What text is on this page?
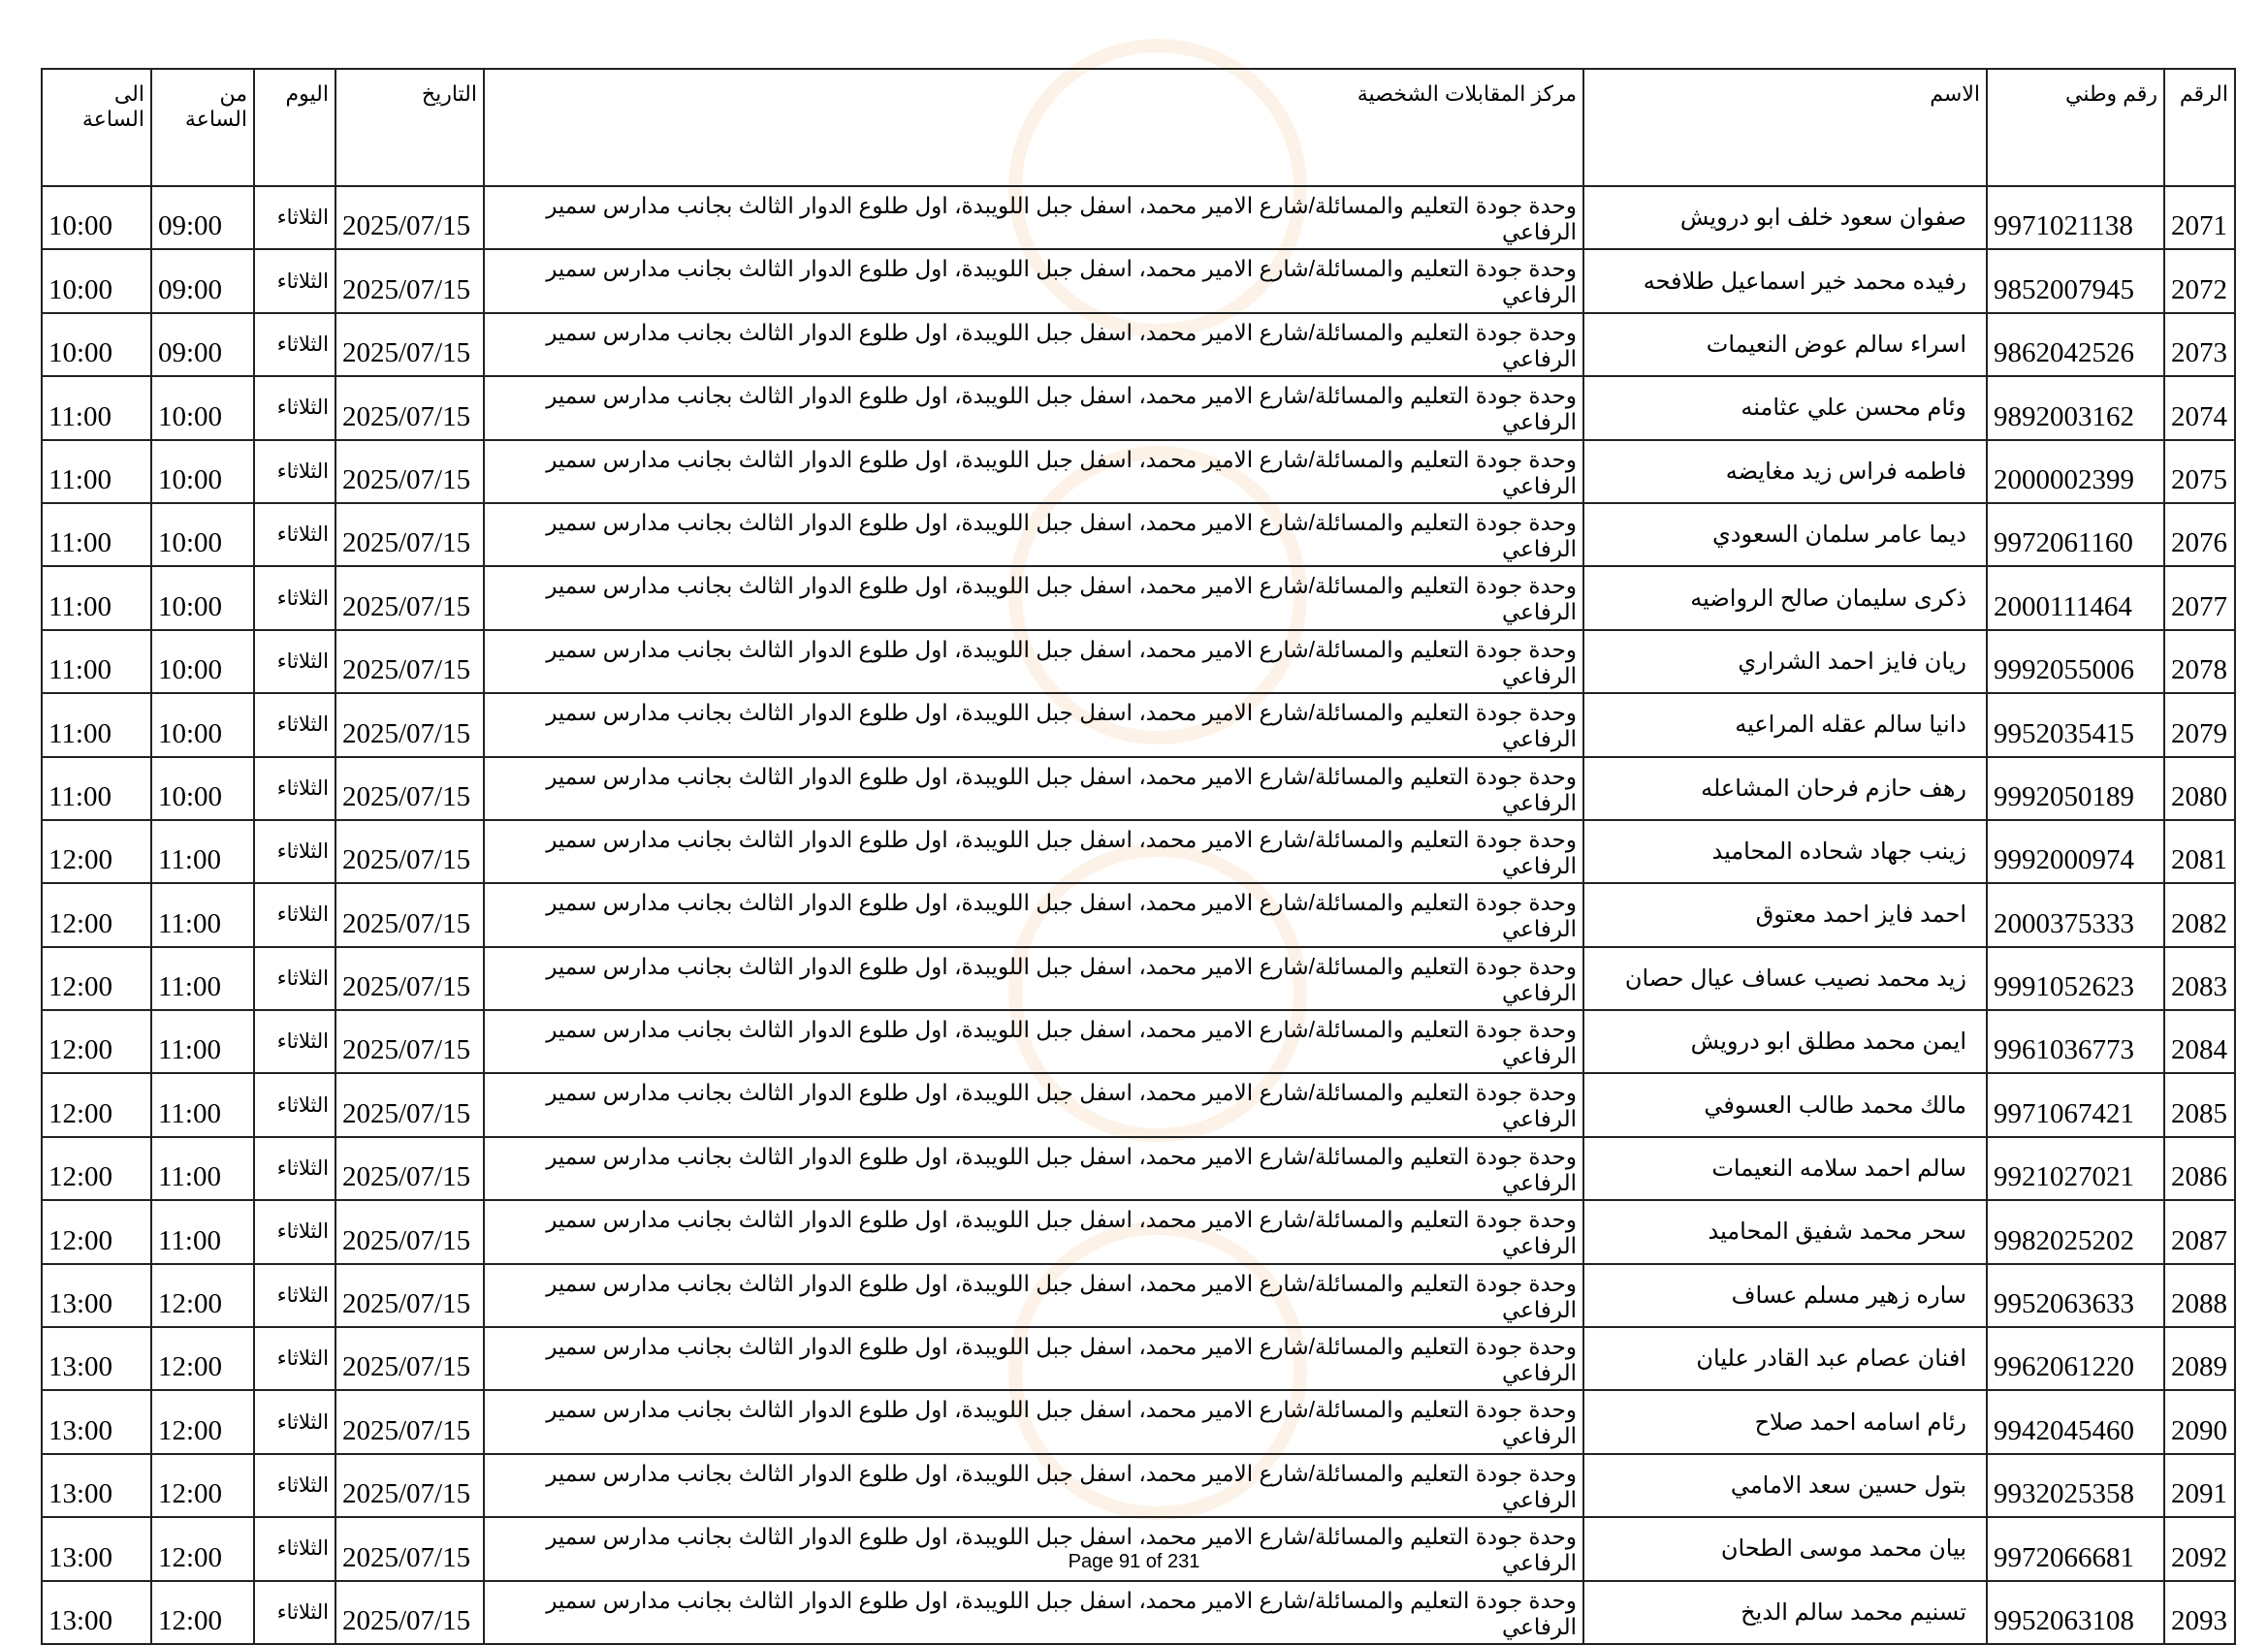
الرقم	رقم وطني	الاسم	مركز المقابلات الشخصية	التاريخ	اليوم	من الساعة	الى الساعة
2071	9971021138	صفوان سعود خلف ابو درويش	وحدة جودة التعليم والمسائلة/شارع الامير محمد، اسفل جبل اللويبدة، اول طلوع الدوار الثالث بجانب مدارس سمير الرفاعي	2025/07/15	الثلاثاء	09:00	10:00
2072	9852007945	رفيده محمد خير اسماعيل طلافحه	وحدة جودة التعليم والمسائلة/شارع الامير محمد، اسفل جبل اللويبدة، اول طلوع الدوار الثالث بجانب مدارس سمير الرفاعي	2025/07/15	الثلاثاء	09:00	10:00
2073	9862042526	اسراء سالم عوض النعيمات	وحدة جودة التعليم والمسائلة/شارع الامير محمد، اسفل جبل اللويبدة، اول طلوع الدوار الثالث بجانب مدارس سمير الرفاعي	2025/07/15	الثلاثاء	09:00	10:00
2074	9892003162	وئام محسن علي عثامنه	وحدة جودة التعليم والمسائلة/شارع الامير محمد، اسفل جبل اللويبدة، اول طلوع الدوار الثالث بجانب مدارس سمير الرفاعي	2025/07/15	الثلاثاء	10:00	11:00
2075	2000002399	فاطمه فراس زيد مغايضه	وحدة جودة التعليم والمسائلة/شارع الامير محمد، اسفل جبل اللويبدة، اول طلوع الدوار الثالث بجانب مدارس سمير الرفاعي	2025/07/15	الثلاثاء	10:00	11:00
2076	9972061160	ديما عامر سلمان السعودي	وحدة جودة التعليم والمسائلة/شارع الامير محمد، اسفل جبل اللويبدة، اول طلوع الدوار الثالث بجانب مدارس سمير الرفاعي	2025/07/15	الثلاثاء	10:00	11:00
2077	2000111464	ذكرى سليمان صالح الرواضيه	وحدة جودة التعليم والمسائلة/شارع الامير محمد، اسفل جبل اللويبدة، اول طلوع الدوار الثالث بجانب مدارس سمير الرفاعي	2025/07/15	الثلاثاء	10:00	11:00
2078	9992055006	ريان فايز احمد الشراري	وحدة جودة التعليم والمسائلة/شارع الامير محمد، اسفل جبل اللويبدة، اول طلوع الدوار الثالث بجانب مدارس سمير الرفاعي	2025/07/15	الثلاثاء	10:00	11:00
2079	9952035415	دانيا سالم عقله المراعيه	وحدة جودة التعليم والمسائلة/شارع الامير محمد، اسفل جبل اللويبدة، اول طلوع الدوار الثالث بجانب مدارس سمير الرفاعي	2025/07/15	الثلاثاء	10:00	11:00
2080	9992050189	رهف حازم فرحان المشاعله	وحدة جودة التعليم والمسائلة/شارع الامير محمد، اسفل جبل اللويبدة، اول طلوع الدوار الثالث بجانب مدارس سمير الرفاعي	2025/07/15	الثلاثاء	10:00	11:00
2081	9992000974	زينب جهاد شحاده المحاميد	وحدة جودة التعليم والمسائلة/شارع الامير محمد، اسفل جبل اللويبدة، اول طلوع الدوار الثالث بجانب مدارس سمير الرفاعي	2025/07/15	الثلاثاء	11:00	12:00
2082	2000375333	احمد فايز احمد معتوق	وحدة جودة التعليم والمسائلة/شارع الامير محمد، اسفل جبل اللويبدة، اول طلوع الدوار الثالث بجانب مدارس سمير الرفاعي	2025/07/15	الثلاثاء	11:00	12:00
2083	9991052623	زيد محمد نصيب عساف عيال حصان	وحدة جودة التعليم والمسائلة/شارع الامير محمد، اسفل جبل اللويبدة، اول طلوع الدوار الثالث بجانب مدارس سمير الرفاعي	2025/07/15	الثلاثاء	11:00	12:00
2084	9961036773	ايمن محمد مطلق ابو درويش	وحدة جودة التعليم والمسائلة/شارع الامير محمد، اسفل جبل اللويبدة، اول طلوع الدوار الثالث بجانب مدارس سمير الرفاعي	2025/07/15	الثلاثاء	11:00	12:00
2085	9971067421	مالك محمد طالب العسوفي	وحدة جودة التعليم والمسائلة/شارع الامير محمد، اسفل جبل اللويبدة، اول طلوع الدوار الثالث بجانب مدارس سمير الرفاعي	2025/07/15	الثلاثاء	11:00	12:00
2086	9921027021	سالم احمد سلامه النعيمات	وحدة جودة التعليم والمسائلة/شارع الامير محمد، اسفل جبل اللويبدة، اول طلوع الدوار الثالث بجانب مدارس سمير الرفاعي	2025/07/15	الثلاثاء	11:00	12:00
2087	9982025202	سحر محمد شفيق المحاميد	وحدة جودة التعليم والمسائلة/شارع الامير محمد، اسفل جبل اللويبدة، اول طلوع الدوار الثالث بجانب مدارس سمير الرفاعي	2025/07/15	الثلاثاء	11:00	12:00
2088	9952063633	ساره زهير مسلم عساف	وحدة جودة التعليم والمسائلة/شارع الامير محمد، اسفل جبل اللويبدة، اول طلوع الدوار الثالث بجانب مدارس سمير الرفاعي	2025/07/15	الثلاثاء	12:00	13:00
2089	9962061220	افنان عصام عبد القادر عليان	وحدة جودة التعليم والمسائلة/شارع الامير محمد، اسفل جبل اللويبدة، اول طلوع الدوار الثالث بجانب مدارس سمير الرفاعي	2025/07/15	الثلاثاء	12:00	13:00
2090	9942045460	رئام اسامه احمد صلاح	وحدة جودة التعليم والمسائلة/شارع الامير محمد، اسفل جبل اللويبدة، اول طلوع الدوار الثالث بجانب مدارس سمير الرفاعي	2025/07/15	الثلاثاء	12:00	13:00
2091	9932025358	بتول حسين سعد الامامي	وحدة جودة التعليم والمسائلة/شارع الامير محمد، اسفل جبل اللويبدة، اول طلوع الدوار الثالث بجانب مدارس سمير الرفاعي	2025/07/15	الثلاثاء	12:00	13:00
2092	9972066681	بيان محمد موسى الطحان	وحدة جودة التعليم والمسائلة/شارع الامير محمد، اسفل جبل اللويبدة، اول طلوع الدوار الثالث بجانب مدارس سمير الرفاعي	2025/07/15	الثلاثاء	12:00	13:00
2093	9952063108	تسنيم محمد سالم الديخ	وحدة جودة التعليم والمسائلة/شارع الامير محمد، اسفل جبل اللويبدة، اول طلوع الدوار الثالث بجانب مدارس سمير الرفاعي	2025/07/15	الثلاثاء	12:00	13:00
Page 91 of 231
